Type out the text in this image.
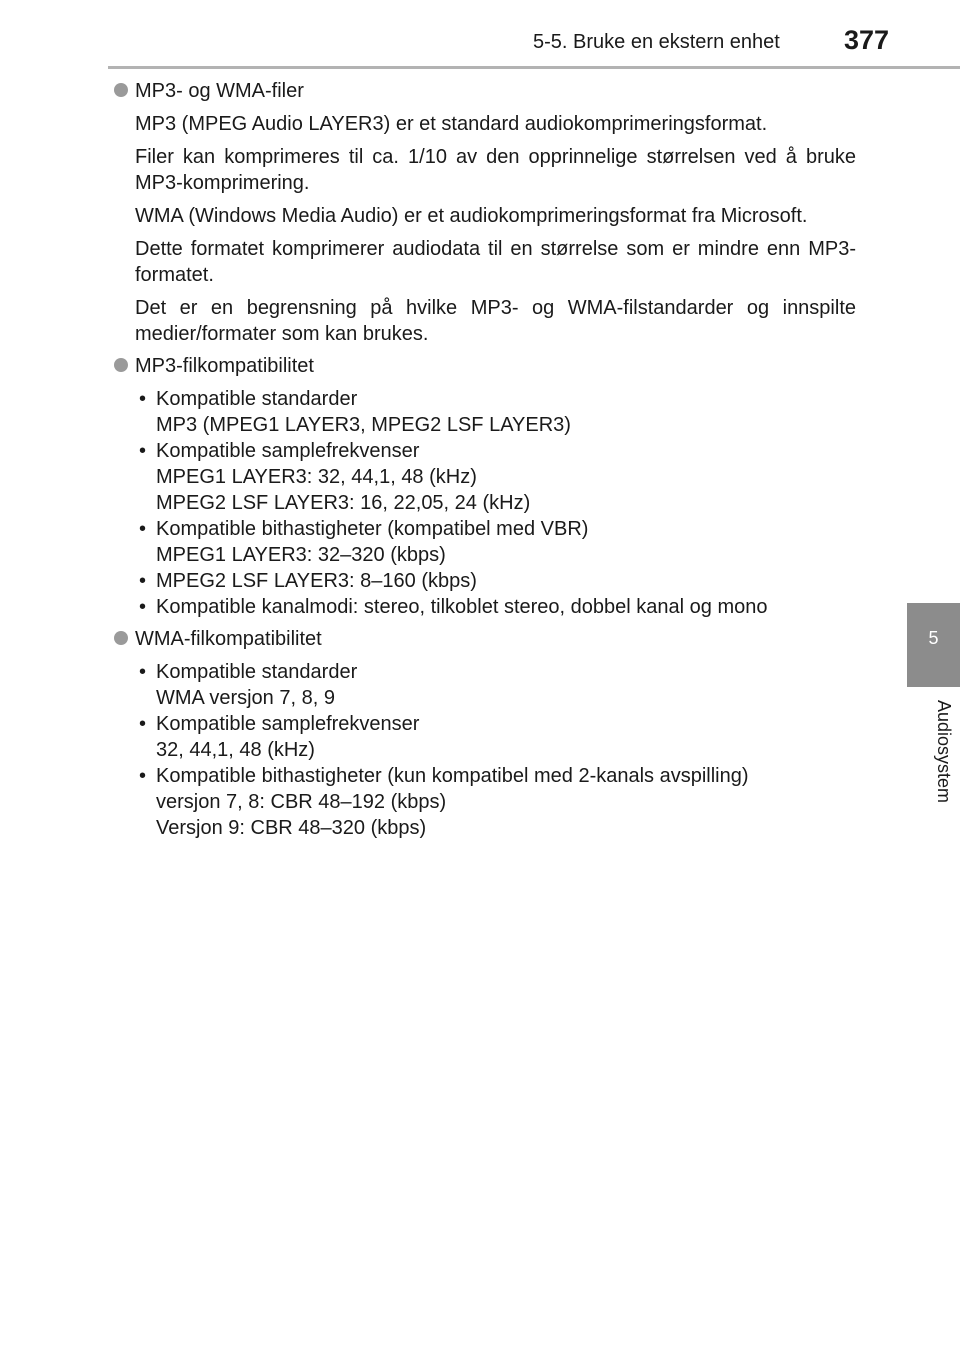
5-5. Bruke en ekstern enhet 377
5
Audiosystem
MP3- og WMA-filer

MP3 (MPEG Audio LAYER3) er et standard audiokomprimeringsformat.

Filer kan komprimeres til ca. 1/10 av den opprinnelige størrelsen ved å bruke MP3-komprimering.

WMA (Windows Media Audio) er et audiokomprimeringsformat fra Microsoft.

Dette formatet komprimerer audiodata til en størrelse som er mindre enn MP3-formatet.

Det er en begrensning på hvilke MP3- og WMA-filstandarder og innspilte medier/formater som kan brukes.

MP3-filkompatibilitet
• Kompatible standarder
MP3 (MPEG1 LAYER3, MPEG2 LSF LAYER3)
• Kompatible samplefrekvenser
MPEG1 LAYER3: 32, 44,1, 48 (kHz)
MPEG2 LSF LAYER3: 16, 22,05, 24 (kHz)
• Kompatible bithastigheter (kompatibel med VBR)
MPEG1 LAYER3: 32–320 (kbps)
• MPEG2 LSF LAYER3: 8–160 (kbps)
• Kompatible kanalmodi: stereo, tilkoblet stereo, dobbel kanal og mono
WMA-filkompatibilitet
• Kompatible standarder
WMA versjon 7, 8, 9
• Kompatible samplefrekvenser
32, 44,1, 48 (kHz)
• Kompatible bithastigheter (kun kompatibel med 2-kanals avspilling)
versjon 7, 8: CBR 48–192 (kbps)
Versjon 9: CBR 48–320 (kbps)
